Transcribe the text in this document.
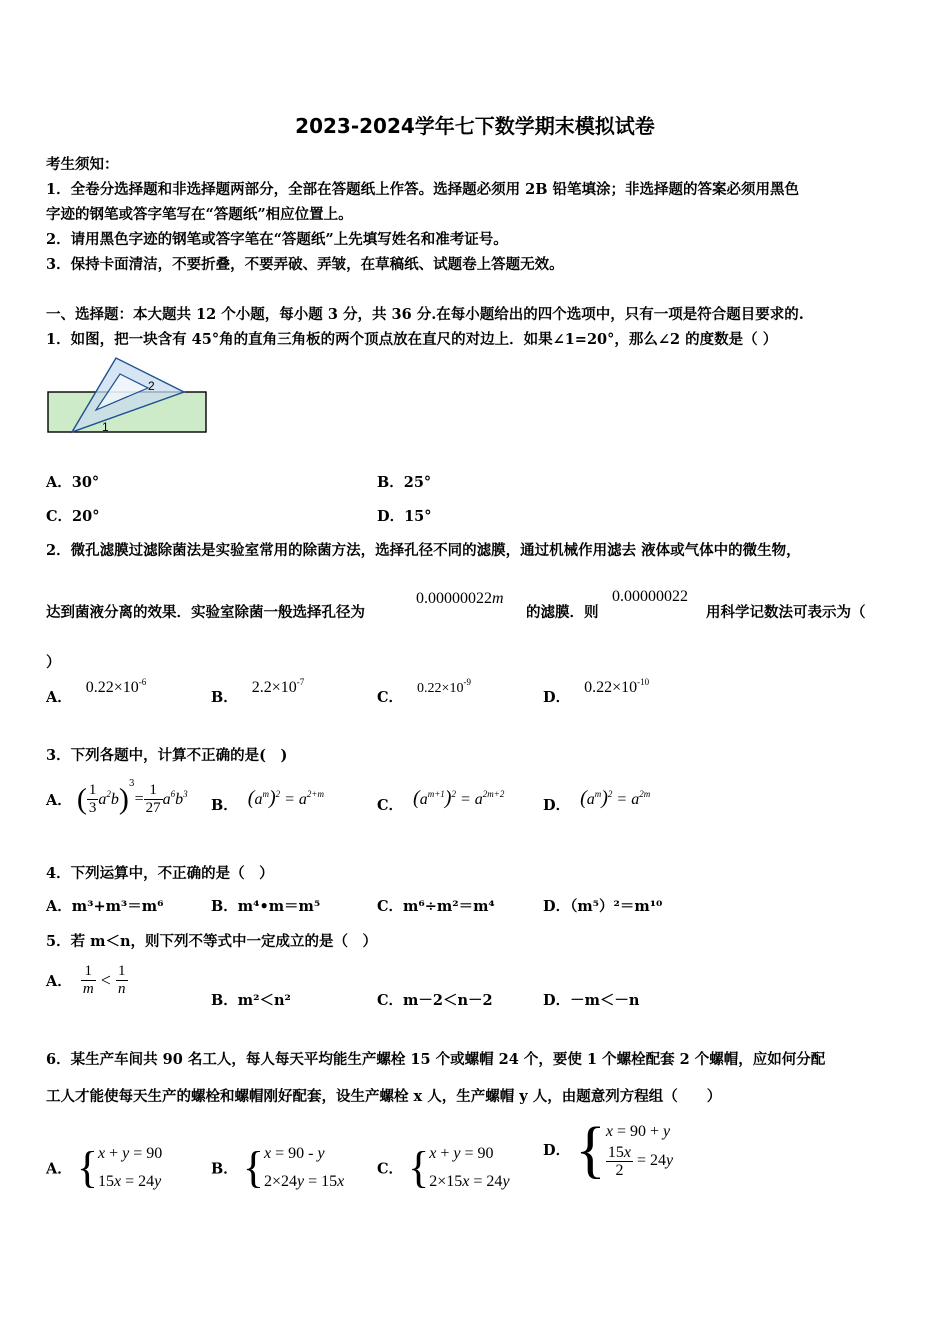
2023-2024学年七下数学期末模拟试卷
考生须知：
1．全卷分选择题和非选择题两部分，全部在答题纸上作答。选择题必须用 2B 铅笔填涂；非选择题的答案必须用黑色
字迹的钢笔或答字笔写在“答题纸”相应位置上。
2．请用黑色字迹的钢笔或答字笔在“答题纸”上先填写姓名和准考证号。
3．保持卡面清洁，不要折叠，不要弄破、弄皱，在草稿纸、试题卷上答题无效。
一、选择题：本大题共 12 个小题，每小题 3 分，共 36 分.在每小题给出的四个选项中，只有一项是符合题目要求的.
1．如图，把一块含有 45°角的直角三角板的两个顶点放在直尺的对边上．如果∠1=20°，那么∠2 的度数是（ ）
2
1
A．30°	B．25°
C．20°	D．15°
2．微孔滤膜过滤除菌法是实验室常用的除菌方法，选择孔径不同的滤膜，通过机械作用滤去 液体或气体中的微生物，
达到菌液分离的效果．实验室除菌一般选择孔径为
0.00000022m
的滤膜．则
0.00000022
用科学记数法可表示为（
）
A．$0.22\times 10^{-6}$
B．$2.2\times 10^{-7}$
C．$0.22\times 10^{-9}$
D．$0.22\times 10^{-10}$
3．下列各题中，计算不正确的是(　)
A． ( $\frac{1}{3} a^2b)^3= \frac{1}{27} a^6b^3$
B． $(a^m)^2 = a^{2+m}$
C． $(a^{m+1})^2 = a^{2m+2}$
D． $(a^m)^2 = a^{2m}$
4．下列运算中，不正确的是（　）
A．m³+m³＝m⁶	B．m⁴•m＝m⁵	C．m⁶÷m²＝m⁴	D．（m⁵）²＝m¹⁰
5．若 m＜n，则下列不等式中一定成立的是（　）
A． $\frac{1}{m} < \frac{1}{n}$
B．m²＜n²	C．m－2＜n－2	D．－m＜－n
6．某生产车间共 90 名工人，每人每天平均能生产螺栓 15 个或螺帽 24 个，要使 1 个螺栓配套 2 个螺帽，应如何分配
工人才能使每天生产的螺栓和螺帽刚好配套，设生产螺栓 x 人，生产螺帽 y 人，由题意列方程组（　　）
A． {x + y = 90
15x = 24y
B． {x = 90 - y
2×24y = 15x
C． {x + y = 90
2×15x = 24y
D． {x = 90 + y

$\frac{15x}{2} = 24y$
